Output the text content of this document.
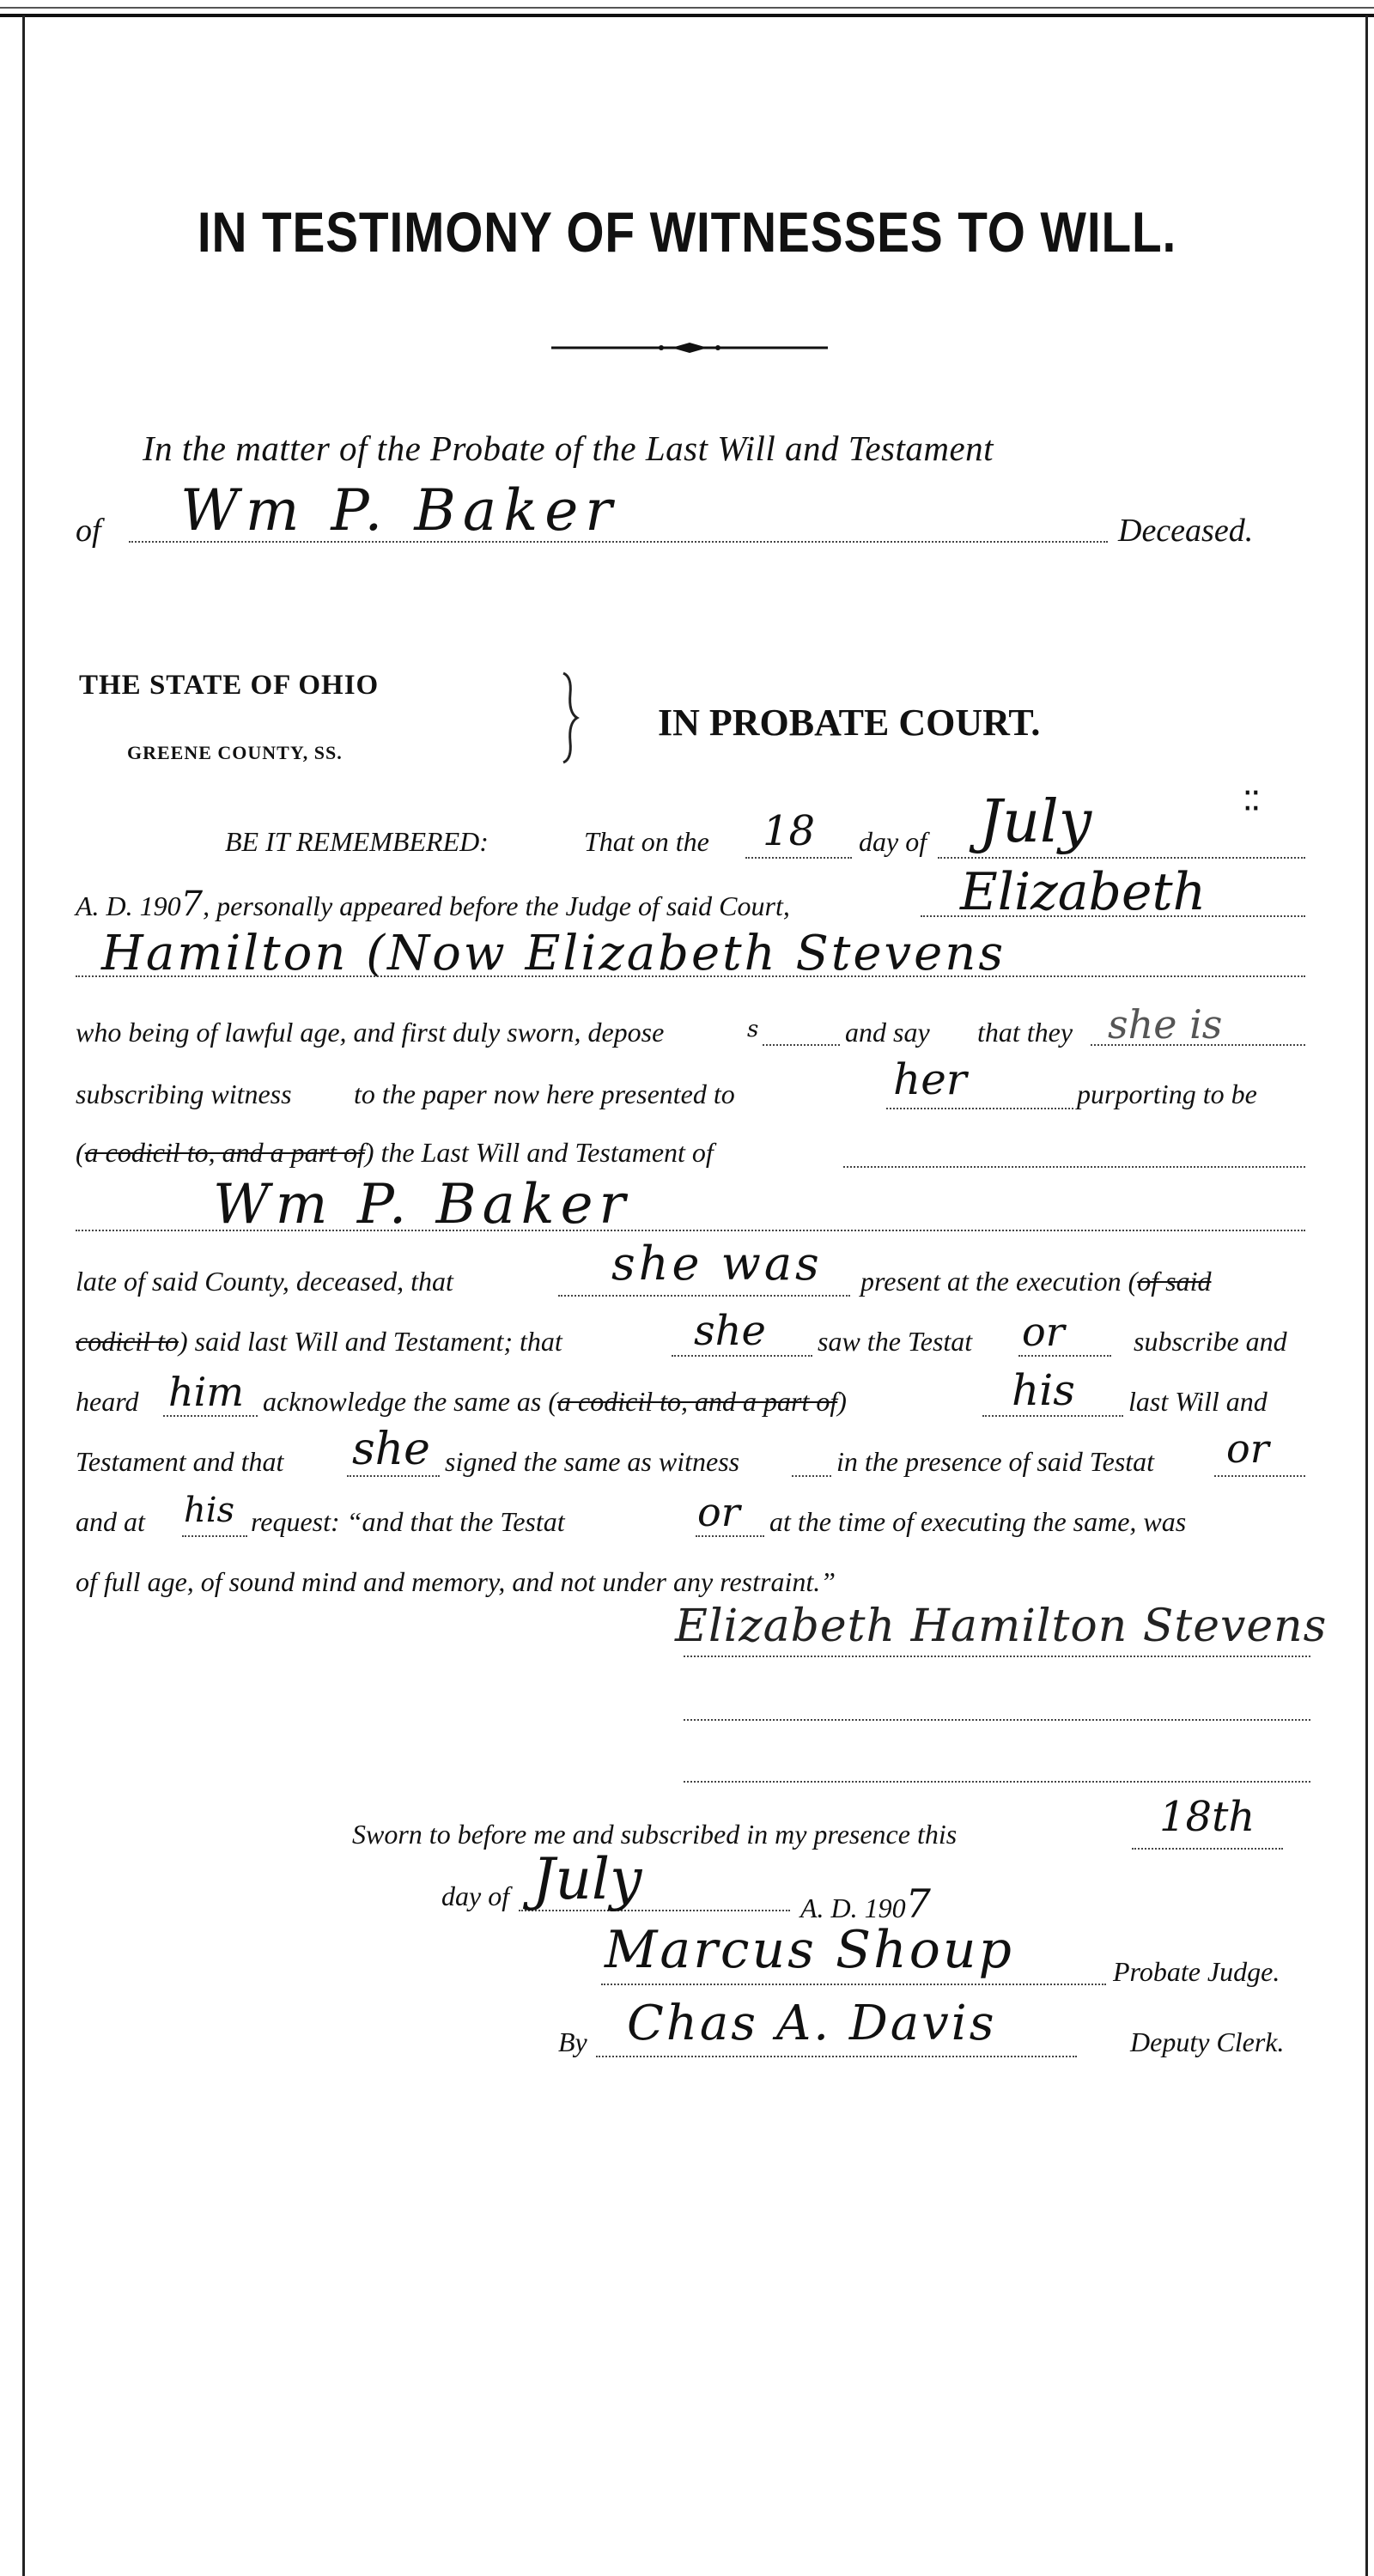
IN TESTIMONY OF WITNESSES TO WILL.
In the matter of the Probate of the Last Will and Testament
of Wm P. Baker	Deceased.
THE STATE OF OHIO
GREENE COUNTY, SS.
IN PROBATE COURT.
BE IT REMEMBERED:	That on the 18 day of July	⁚⁚
A. D. 1907, personally appeared before the Judge of said Court,	Elizabeth
Hamilton (Now Elizabeth Stevens
who being of lawful age, and first duly sworn, depose	s	and say that they she is
subscribing witness to the paper now here presented to	her	purporting to be
(a codicil to, and a part of) the Last Will and Testament of
Wm P. Baker
late of said County, deceased, that	she was present at the execution (of said
codicil to) said last Will and Testament; that	she saw the Testat or	subscribe and
heard him acknowledge the same as (a codicil to, and a part of)	his last Will and
Testament and that she signed the same as witness	in the presence of said Testat or
and at his request: “and that the Testat	or at the time of executing the same, was
of full age, of sound mind and memory, and not under any restraint.”
Elizabeth Hamilton Stevens
Sworn to before me and subscribed in my presence this	18th
day of July	A. D. 1907
Marcus Shoup	Probate Judge.
By Chas A. Davis	Deputy Clerk.
